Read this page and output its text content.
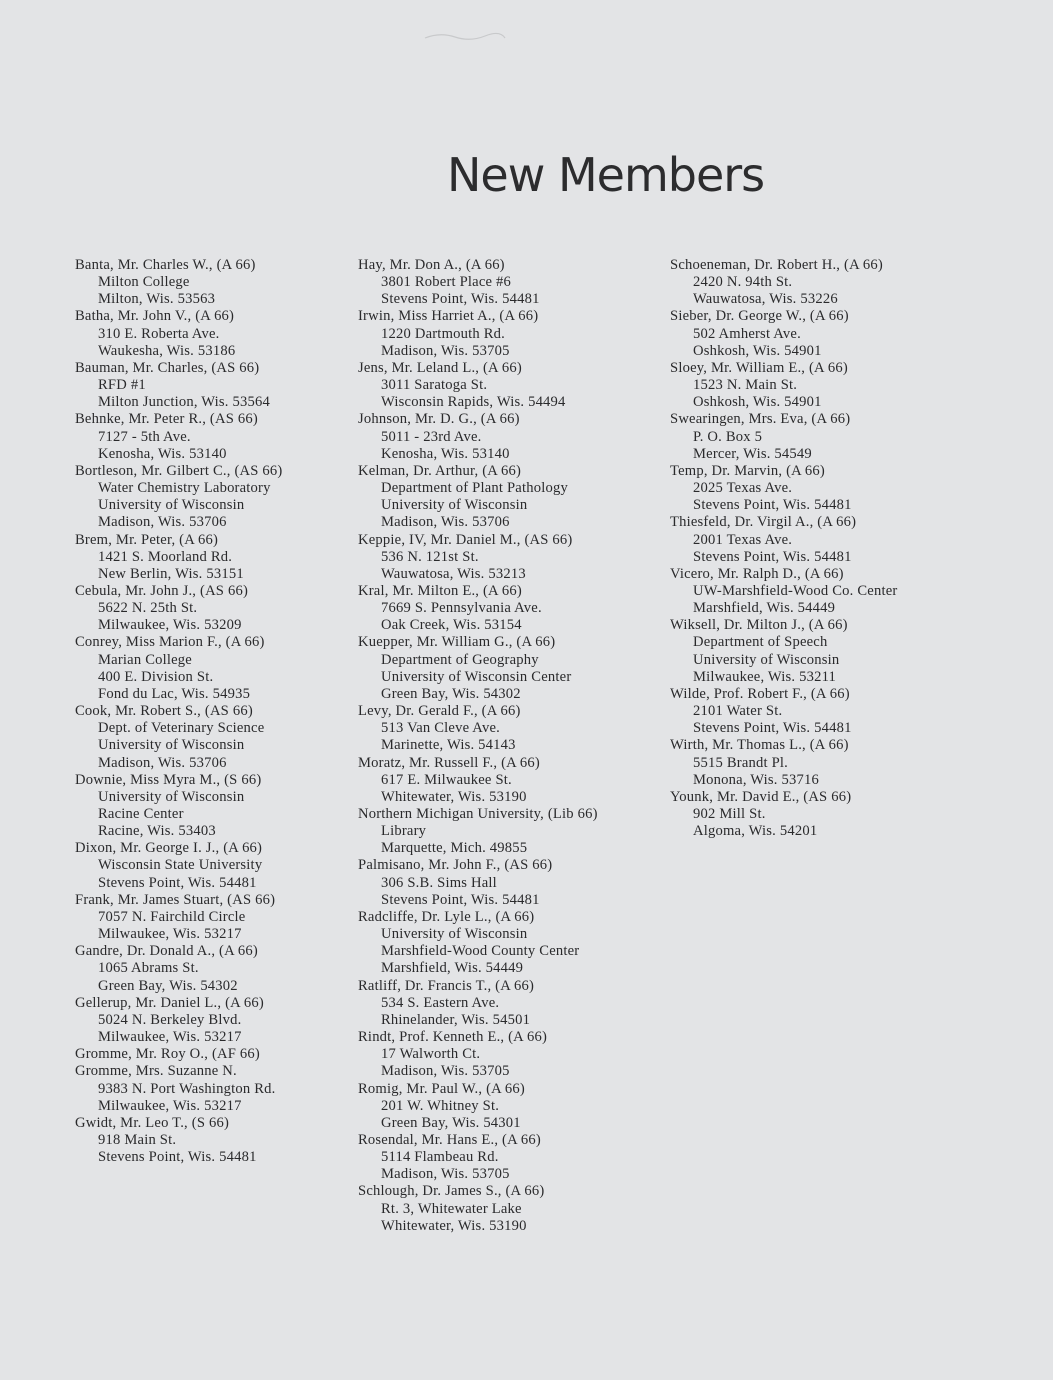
New Members
Banta, Mr. Charles W., (A 66)
Milton College
Milton, Wis. 53563
Batha, Mr. John V., (A 66)
310 E. Roberta Ave.
Waukesha, Wis. 53186
Bauman, Mr. Charles, (AS 66)
RFD #1
Milton Junction, Wis. 53564
Behnke, Mr. Peter R., (AS 66)
7127 - 5th Ave.
Kenosha, Wis. 53140
Bortleson, Mr. Gilbert C., (AS 66)
Water Chemistry Laboratory
University of Wisconsin
Madison, Wis. 53706
Brem, Mr. Peter, (A 66)
1421 S. Moorland Rd.
New Berlin, Wis. 53151
Cebula, Mr. John J., (AS 66)
5622 N. 25th St.
Milwaukee, Wis. 53209
Conrey, Miss Marion F., (A 66)
Marian College
400 E. Division St.
Fond du Lac, Wis. 54935
Cook, Mr. Robert S., (AS 66)
Dept. of Veterinary Science
University of Wisconsin
Madison, Wis. 53706
Downie, Miss Myra M., (S 66)
University of Wisconsin
Racine Center
Racine, Wis. 53403
Dixon, Mr. George I. J., (A 66)
Wisconsin State University
Stevens Point, Wis. 54481
Frank, Mr. James Stuart, (AS 66)
7057 N. Fairchild Circle
Milwaukee, Wis. 53217
Gandre, Dr. Donald A., (A 66)
1065 Abrams St.
Green Bay, Wis. 54302
Gellerup, Mr. Daniel L., (A 66)
5024 N. Berkeley Blvd.
Milwaukee, Wis. 53217
Gromme, Mr. Roy O., (AF 66)
Gromme, Mrs. Suzanne N.
9383 N. Port Washington Rd.
Milwaukee, Wis. 53217
Gwidt, Mr. Leo T., (S 66)
918 Main St.
Stevens Point, Wis. 54481
Hay, Mr. Don A., (A 66)
3801 Robert Place #6
Stevens Point, Wis. 54481
Irwin, Miss Harriet A., (A 66)
1220 Dartmouth Rd.
Madison, Wis. 53705
Jens, Mr. Leland L., (A 66)
3011 Saratoga St.
Wisconsin Rapids, Wis. 54494
Johnson, Mr. D. G., (A 66)
5011 - 23rd Ave.
Kenosha, Wis. 53140
Kelman, Dr. Arthur, (A 66)
Department of Plant Pathology
University of Wisconsin
Madison, Wis. 53706
Keppie, IV, Mr. Daniel M., (AS 66)
536 N. 121st St.
Wauwatosa, Wis. 53213
Kral, Mr. Milton E., (A 66)
7669 S. Pennsylvania Ave.
Oak Creek, Wis. 53154
Kuepper, Mr. William G., (A 66)
Department of Geography
University of Wisconsin Center
Green Bay, Wis. 54302
Levy, Dr. Gerald F., (A 66)
513 Van Cleve Ave.
Marinette, Wis. 54143
Moratz, Mr. Russell F., (A 66)
617 E. Milwaukee St.
Whitewater, Wis. 53190
Northern Michigan University, (Lib 66)
Library
Marquette, Mich. 49855
Palmisano, Mr. John F., (AS 66)
306 S.B. Sims Hall
Stevens Point, Wis. 54481
Radcliffe, Dr. Lyle L., (A 66)
University of Wisconsin
Marshfield-Wood County Center
Marshfield, Wis. 54449
Ratliff, Dr. Francis T., (A 66)
534 S. Eastern Ave.
Rhinelander, Wis. 54501
Rindt, Prof. Kenneth E., (A 66)
17 Walworth Ct.
Madison, Wis. 53705
Romig, Mr. Paul W., (A 66)
201 W. Whitney St.
Green Bay, Wis. 54301
Rosendal, Mr. Hans E., (A 66)
5114 Flambeau Rd.
Madison, Wis. 53705
Schlough, Dr. James S., (A 66)
Rt. 3, Whitewater Lake
Whitewater, Wis. 53190
Schoeneman, Dr. Robert H., (A 66)
2420 N. 94th St.
Wauwatosa, Wis. 53226
Sieber, Dr. George W., (A 66)
502 Amherst Ave.
Oshkosh, Wis. 54901
Sloey, Mr. William E., (A 66)
1523 N. Main St.
Oshkosh, Wis. 54901
Swearingen, Mrs. Eva, (A 66)
P. O. Box 5
Mercer, Wis. 54549
Temp, Dr. Marvin, (A 66)
2025 Texas Ave.
Stevens Point, Wis. 54481
Thiesfeld, Dr. Virgil A., (A 66)
2001 Texas Ave.
Stevens Point, Wis. 54481
Vicero, Mr. Ralph D., (A 66)
UW-Marshfield-Wood Co. Center
Marshfield, Wis. 54449
Wiksell, Dr. Milton J., (A 66)
Department of Speech
University of Wisconsin
Milwaukee, Wis. 53211
Wilde, Prof. Robert F., (A 66)
2101 Water St.
Stevens Point, Wis. 54481
Wirth, Mr. Thomas L., (A 66)
5515 Brandt Pl.
Monona, Wis. 53716
Younk, Mr. David E., (AS 66)
902 Mill St.
Algoma, Wis. 54201
